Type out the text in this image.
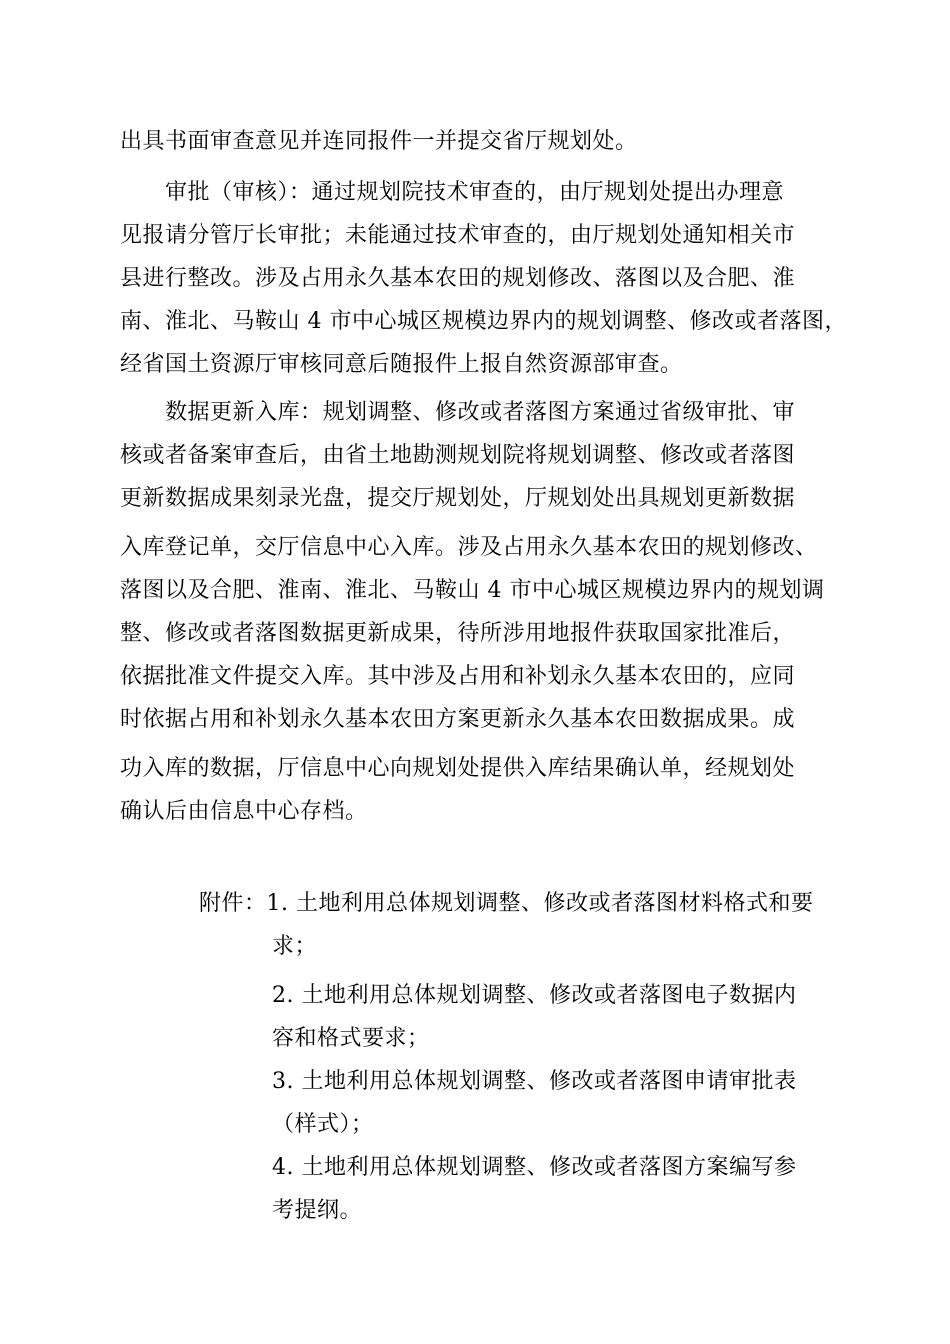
出具书面审查意见并连同报件一并提交省厅规划处。
审批（审核）：通过规划院技术审查的，由厅规划处提出办理意
见报请分管厅长审批；未能通过技术审查的，由厅规划处通知相关市
县进行整改。涉及占用永久基本农田的规划修改、落图以及合肥、淮
南、淮北、马鞍山 4 市中心城区规模边界内的规划调整、修改或者落图，
经省国土资源厅审核同意后随报件上报自然资源部审查。
数据更新入库：规划调整、修改或者落图方案通过省级审批、审
核或者备案审查后，由省土地勘测规划院将规划调整、修改或者落图
更新数据成果刻录光盘，提交厅规划处，厅规划处出具规划更新数据
入库登记单，交厅信息中心入库。涉及占用永久基本农田的规划修改、
落图以及合肥、淮南、淮北、马鞍山 4 市中心城区规模边界内的规划调
整、修改或者落图数据更新成果，待所涉用地报件获取国家批准后，
依据批准文件提交入库。其中涉及占用和补划永久基本农田的，应同
时依据占用和补划永久基本农田方案更新永久基本农田数据成果。成
功入库的数据，厅信息中心向规划处提供入库结果确认单，经规划处
确认后由信息中心存档。
附件：1. 土地利用总体规划调整、修改或者落图材料格式和要
求；
2. 土地利用总体规划调整、修改或者落图电子数据内
容和格式要求；
3. 土地利用总体规划调整、修改或者落图申请审批表
（样式）；
4. 土地利用总体规划调整、修改或者落图方案编写参
考提纲。
